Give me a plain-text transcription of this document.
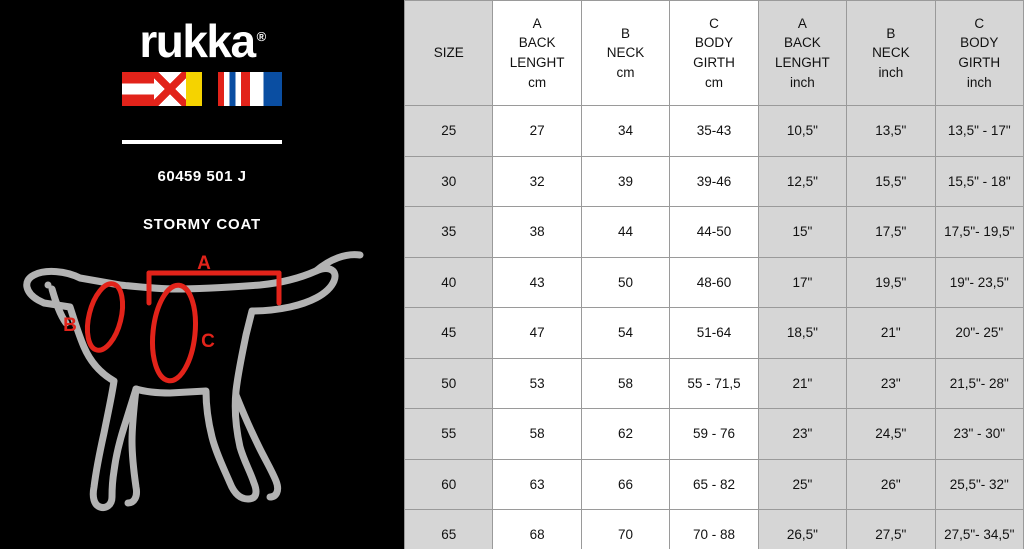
rukka ®
60459 501 J
STORMY COAT
A
B
C
SIZE	A
BACK LENGHT
cm	B
NECK
cm	C
BODY GIRTH
cm	A
BACK LENGHT
inch	B
NECK
inch	C
BODY GIRTH
inch

25	27	34	35-43	10,5"	13,5"	13,5" - 17"
30	32	39	39-46	12,5"	15,5"	15,5" - 18"
35	38	44	44-50	15"	17,5"	17,5"- 19,5"
40	43	50	48-60	17"	19,5"	19"- 23,5"
45	47	54	51-64	18,5"	21"	20"- 25"
50	53	58	55 - 71,5	21"	23"	21,5"- 28"
55	58	62	59 - 76	23"	24,5"	23" - 30"
60	63	66	65 - 82	25"	26"	25,5"- 32"
65	68	70	70 - 88	26,5"	27,5"	27,5"- 34,5"
